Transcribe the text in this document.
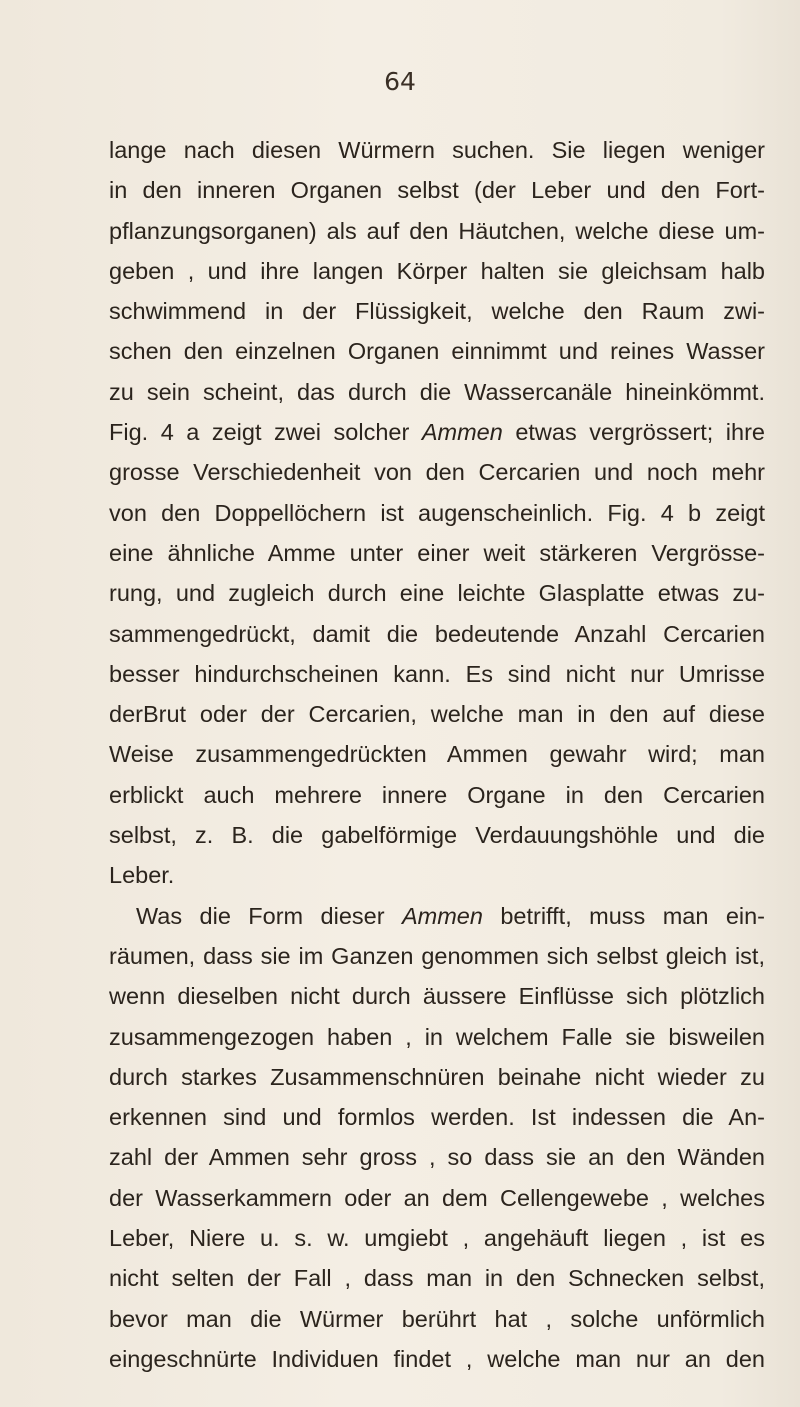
64
lange nach diesen Würmern suchen. Sie liegen weniger
in den inneren Organen selbst (der Leber und den Fort-
pflanzungsorganen) als auf den Häutchen, welche diese um-
geben , und ihre langen Körper halten sie gleichsam halb
schwimmend in der Flüssigkeit, welche den Raum zwi-
schen den einzelnen Organen einnimmt und reines Wasser
zu sein scheint, das durch die Wassercanäle hineinkömmt.
Fig. 4 a zeigt zwei solcher Ammen etwas vergrössert; ihre
grosse Verschiedenheit von den Cercarien und noch mehr
von den Doppellöchern ist augenscheinlich. Fig. 4 b zeigt
eine ähnliche Amme unter einer weit stärkeren Vergrösse-
rung, und zugleich durch eine leichte Glasplatte etwas zu-
sammengedrückt, damit die bedeutende Anzahl Cercarien
besser hindurchscheinen kann. Es sind nicht nur Umrisse
derBrut oder der Cercarien, welche man in den auf diese
Weise zusammengedrückten Ammen gewahr wird; man
erblickt auch mehrere innere Organe in den Cercarien
selbst, z. B. die gabelförmige Verdauungshöhle und die
Leber.
Was die Form dieser Ammen betrifft, muss man ein-
räumen, dass sie im Ganzen genommen sich selbst gleich ist,
wenn dieselben nicht durch äussere Einflüsse sich plötzlich
zusammengezogen haben , in welchem Falle sie bisweilen
durch starkes Zusammenschnüren beinahe nicht wieder zu
erkennen sind und formlos werden. Ist indessen die An-
zahl der Ammen sehr gross , so dass sie an den Wänden
der Wasserkammern oder an dem Cellengewebe , welches
Leber, Niere u. s. w. umgiebt , angehäuft liegen , ist es
nicht selten der Fall , dass man in den Schnecken selbst,
bevor man die Würmer berührt hat , solche unförmlich
eingeschnürte Individuen findet , welche man nur an den
